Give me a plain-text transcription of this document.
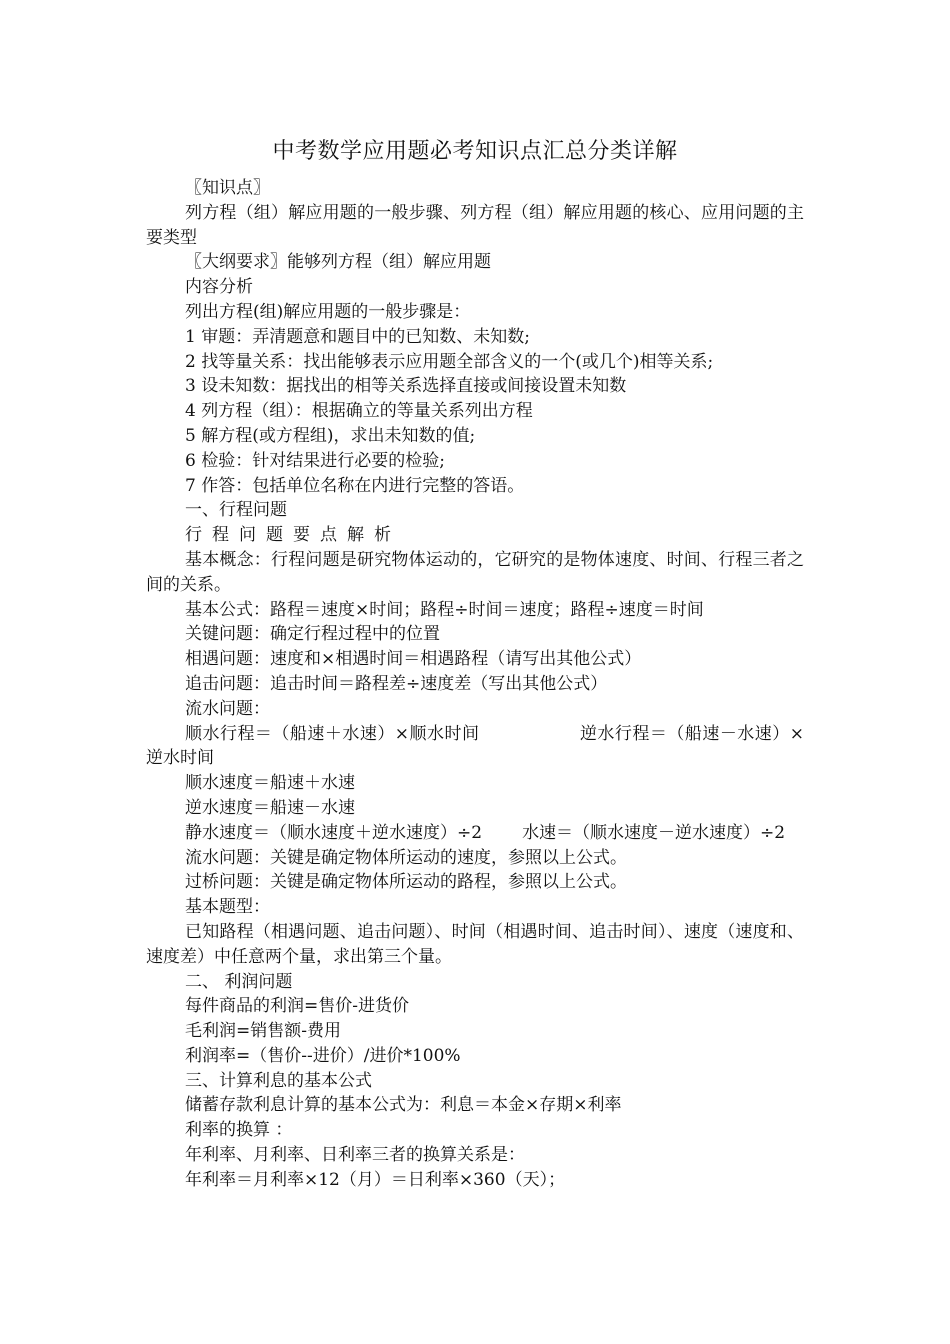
中考数学应用题必考知识点汇总分类详解

〖知识点〗

列方程（组）解应用题的一般步骤、列方程（组）解应用题的核心、应用问题的主要类型

〖大纲要求〗能够列方程（组）解应用题

内容分析

列出方程(组)解应用题的一般步骤是：

1 审题：弄清题意和题目中的已知数、未知数;

2 找等量关系：找出能够表示应用题全部含义的一个(或几个)相等关系;

3 设未知数：据找出的相等关系选择直接或间接设置未知数

4 列方程（组）：根据确立的等量关系列出方程

5 解方程(或方程组)，求出未知数的值;

6 检验：针对结果进行必要的检验;

7 作答：包括单位名称在内进行完整的答语。

一、行程问题

行程问题要点解析

基本概念：行程问题是研究物体运动的，它研究的是物体速度、时间、行程三者之间的关系。

基本公式：路程＝速度×时间；路程÷时间＝速度；路程÷速度＝时间

关键问题：确定行程过程中的位置

相遇问题：速度和×相遇时间＝相遇路程（请写出其他公式）

追击问题：追击时间＝路程差÷速度差（写出其他公式）

流水问题：

顺水行程＝（船速＋水速）×顺水时间	逆水行程＝（船速－水速）×逆水时间

顺水速度＝船速＋水速

逆水速度＝船速－水速

静水速度＝（顺水速度＋逆水速度）÷2 水速＝（顺水速度－逆水速度）÷2

流水问题：关键是确定物体所运动的速度，参照以上公式。

过桥问题：关键是确定物体所运动的路程，参照以上公式。

基本题型：

已知路程（相遇问题、追击问题）、时间（相遇时间、追击时间）、速度（速度和、速度差）中任意两个量，求出第三个量。

二、 利润问题

每件商品的利润=售价-进货价

毛利润=销售额-费用

利润率=（售价--进价）/进价*100%

三、计算利息的基本公式

储蓄存款利息计算的基本公式为：利息＝本金×存期×利率

利率的换算 ：

年利率、月利率、日利率三者的换算关系是：

年利率＝月利率×12（月）＝日利率×360（天）；
